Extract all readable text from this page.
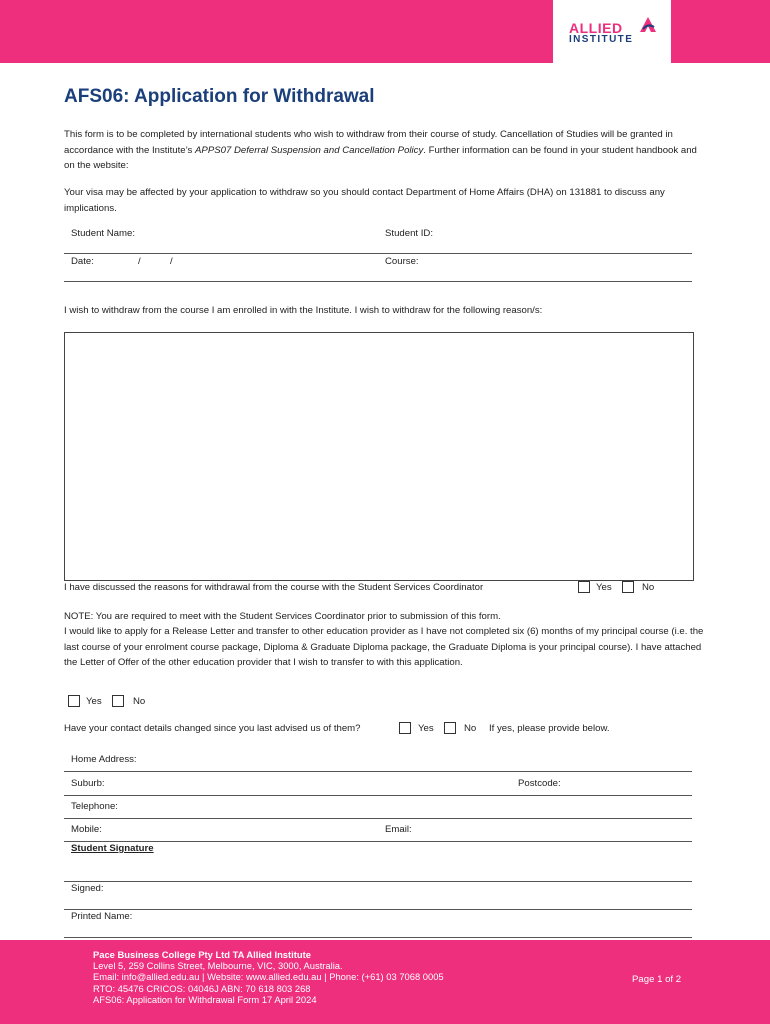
ALLIED
INSTITUTE
AFS06: Application for Withdrawal

This form is to be completed by international students who wish to withdraw from their course of study. Cancellation of Studies will be granted in accordance with the Institute’s APPS07 Deferral Suspension and Cancellation Policy. Further information can be found in your student handbook and on the website:

Your visa may be affected by your application to withdraw so you should contact Department of Home Affairs (DHA) on 131881 to discuss any implications.

Student Name:	Student ID:
Date:	/	/	Course:

I wish to withdraw from the course I am enrolled in with the Institute. I wish to withdraw for the following reason/s:

I have discussed the reasons for withdrawal from the course with the Student Services Coordinator	Yes	No

NOTE: You are required to meet with the Student Services Coordinator prior to submission of this form.

I would like to apply for a Release Letter and transfer to other education provider as I have not completed six (6) months of my principal course (i.e. the last course of your enrolment course package, Diploma & Graduate Diploma package, the Graduate Diploma is your principal course). I have attached the Letter of Offer of the other education provider that I wish to transfer to with this application.

Yes	No
Have your contact details changed since you last advised us of them?	Yes	No If yes, please provide below.
Home Address:
Suburb:	Postcode:
Telephone:
Mobile:	Email:
Student Signature
Signed:
Printed Name:
Pace Business College Pty Ltd TA Allied Institute
Level 5, 259 Collins Street, Melbourne, VIC, 3000, Australia.
Email: info@allied.edu.au | Website: www.allied.edu.au | Phone: (+61) 03 7068 0005
RTO: 45476 CRICOS: 04046J ABN: 70 618 803 268
AFS06: Application for Withdrawal Form 17 April 2024
Page 1 of 2
